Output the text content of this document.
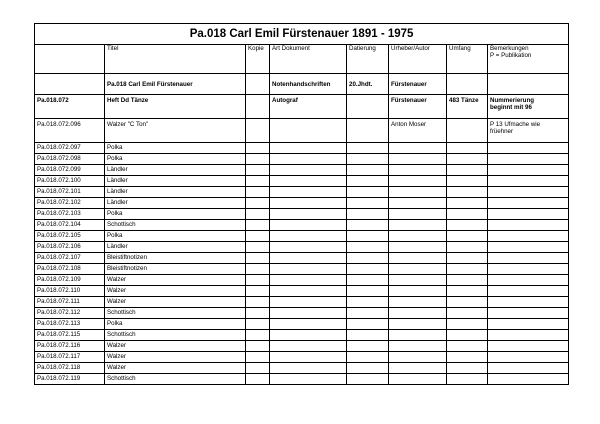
Pa.018 Carl Emil Fürstenauer 1891 - 1975							
	Titel	Kopie	Art Dokument	Datierung	Urheber/Autor	Umfang	Bemerkungen
P = Publikation

	Pa.018 Carl Emil Fürstenauer		Notenhandschriften	20.Jhdt.	Fürstenauer		
Pa.018.072	Heft Dd Tänze		Autograf		Fürstenauer	483 Tänze	Nummerierung
beginnt mit 96

Pa.018.072.096	Walzer "C Ton"				Anton Moser		P 13 Ufmache wie
früehner

Pa.018.072.097	Polka						
Pa.018.072.098	Polka						
Pa.018.072.099	Ländler						
Pa.018.072.100	Ländler						
Pa.018.072.101	Ländler						
Pa.018.072.102	Ländler						
Pa.018.072.103	Polka						
Pa.018.072.104	Schottisch						
Pa.018.072.105	Polka						
Pa.018.072.106	Ländler						
Pa.018.072.107	Bleistiftnotizen						
Pa.018.072.108	Bleistiftnotizen						
Pa.018.072.109	Walzer						
Pa.018.072.110	Walzer						
Pa.018.072.111	Walzer						
Pa.018.072.112	Schottisch						
Pa.018.072.113	Polka						
Pa.018.072.115	Schottisch						
Pa.018.072.116	Walzer						
Pa.018.072.117	Walzer						
Pa.018.072.118	Walzer						
Pa.018.072.119	Schottisch						
